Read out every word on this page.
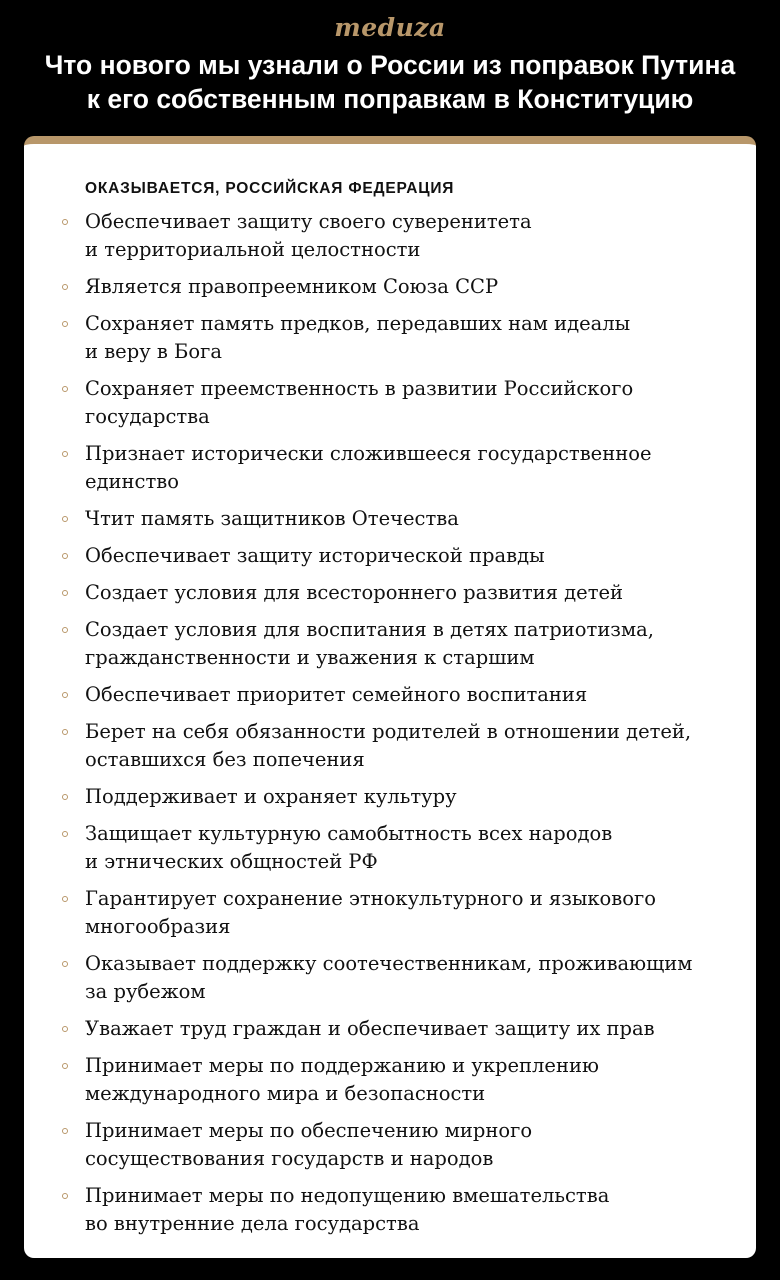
meduza
Что нового мы узнали о России из поправок Путина
к его собственным поправкам в Конституцию
ОКАЗЫВАЕТСЯ, РОССИЙСКАЯ ФЕДЕРАЦИЯ
Обеспечивает защиту своего суверенитета
и территориальной целостности
Является правопреемником Союза ССР
Сохраняет память предков, передавших нам идеалы
и веру в Бога
Сохраняет преемственность в развитии Российского
государства
Признает исторически сложившееся государственное
единство
Чтит память защитников Отечества
Обеспечивает защиту исторической правды
Создает условия для всестороннего развития детей
Создает условия для воспитания в детях патриотизма,
гражданственности и уважения к старшим
Обеспечивает приоритет семейного воспитания
Берет на себя обязанности родителей в отношении детей,
оставшихся без попечения
Поддерживает и охраняет культуру
Защищает культурную самобытность всех народов
и этнических общностей РФ
Гарантирует сохранение этнокультурного и языкового
многообразия
Оказывает поддержку соотечественникам, проживающим
за рубежом
Уважает труд граждан и обеспечивает защиту их прав
Принимает меры по поддержанию и укреплению
международного мира и безопасности
Принимает меры по обеспечению мирного
сосуществования государств и народов
Принимает меры по недопущению вмешательства
во внутренние дела государства
